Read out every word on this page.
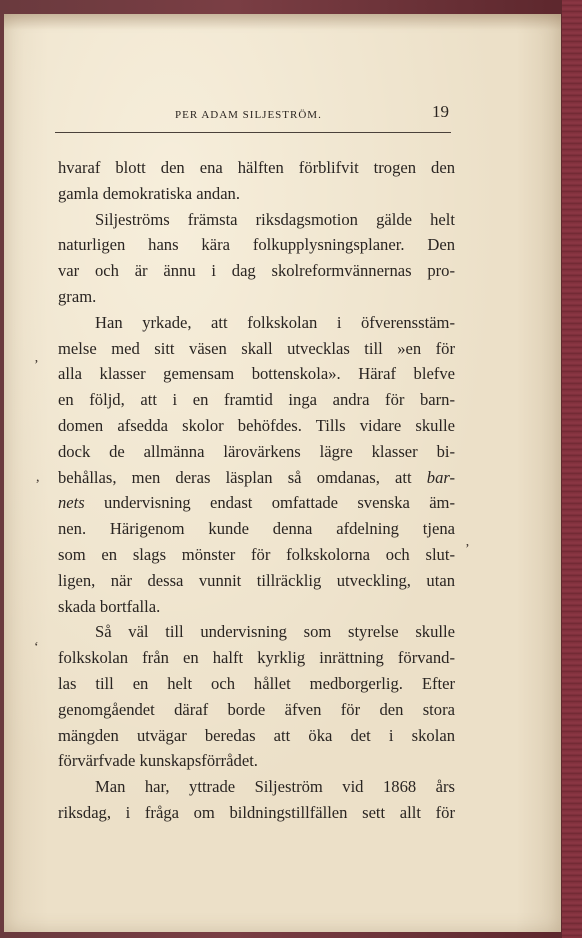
PER ADAM SILJESTRÖM.	19
hvaraf blott den ena hälften förblifvit trogen den
gamla demokratiska andan.
Siljeströms främsta riksdagsmotion gälde helt
naturligen hans kära folkupplysningsplaner. Den
var och är ännu i dag skolreformvännernas pro-
gram.
Han yrkade, att folkskolan i öfverensstäm-
melse med sitt väsen skall utvecklas till »en för
alla klasser gemensam bottenskola». Häraf blefve
en följd, att i en framtid inga andra för barn-
domen afsedda skolor behöfdes. Tills vidare skulle
dock de allmänna lärovärkens lägre klasser bi-
behållas, men deras läsplan så omdanas, att bar-
nets undervisning endast omfattade svenska äm-
nen. Härigenom kunde denna afdelning tjena
som en slags mönster för folkskolorna och slut-
ligen, när dessa vunnit tillräcklig utveckling, utan
skada bortfalla.
Så väl till undervisning som styrelse skulle
folkskolan från en halft kyrklig inrättning förvand-
las till en helt och hållet medborgerlig. Efter
genomgåendet däraf borde äfven för den stora
mängden utvägar beredas att öka det i skolan
förvärfvade kunskapsförrådet.
Man har, yttrade Siljeström vid 1868 års
riksdag, i fråga om bildningstillfällen sett allt för
’
,
‘
’
